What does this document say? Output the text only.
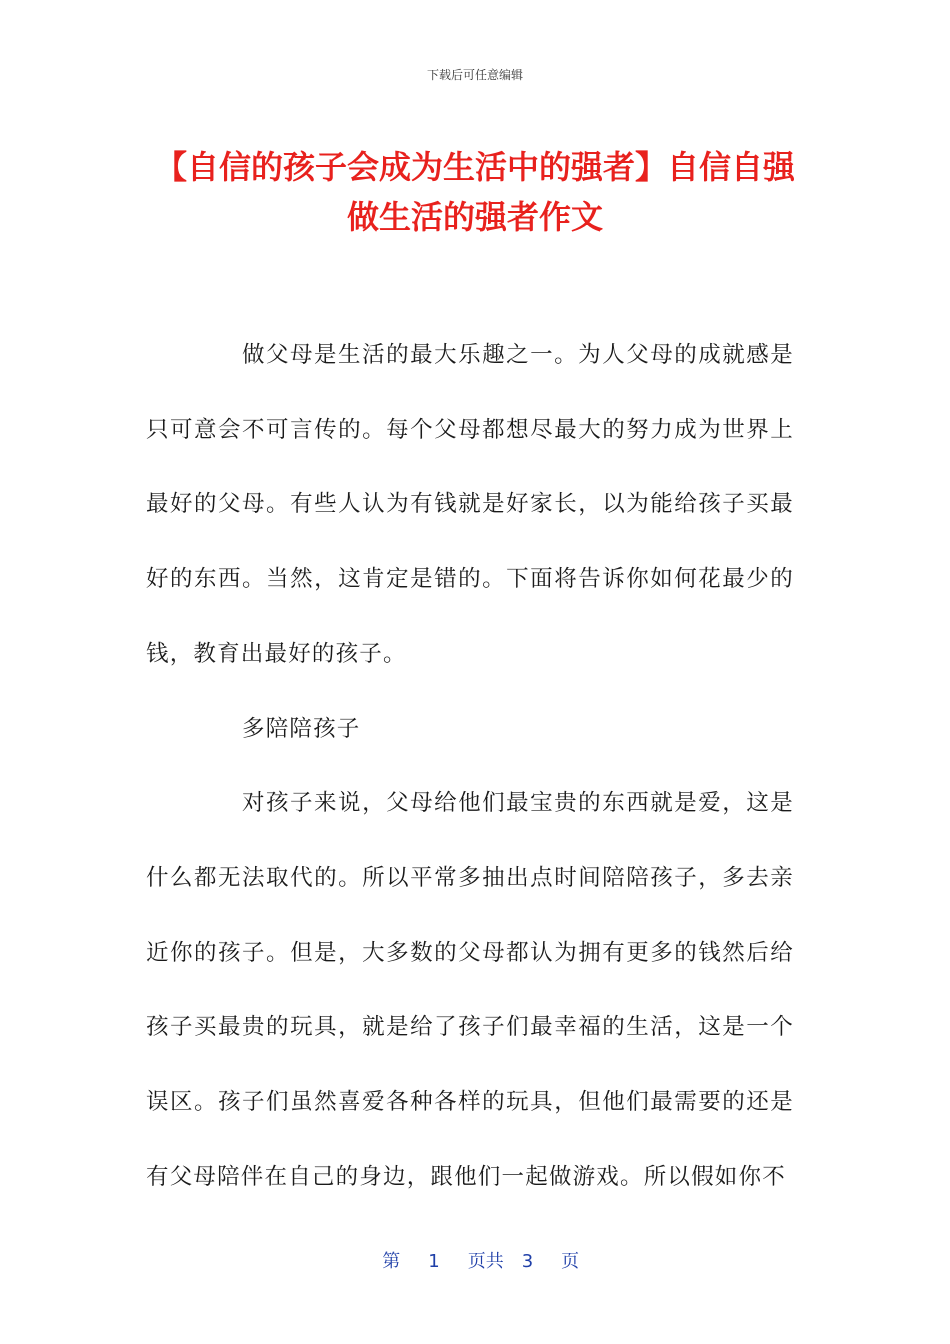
下载后可任意编辑
【自信的孩子会成为生活中的强者】自信自强做生活的强者作文

做父母是生活的最大乐趣之一。为人父母的成就感是只可意会不可言传的。每个父母都想尽最大的努力成为世界上最好的父母。有些人认为有钱就是好家长，以为能给孩子买最好的东西。当然，这肯定是错的。下面将告诉你如何花最少的钱，教育出最好的孩子。

多陪陪孩子

对孩子来说，父母给他们最宝贵的东西就是爱，这是什么都无法取代的。所以平常多抽出点时间陪陪孩子，多去亲近你的孩子。但是，大多数的父母都认为拥有更多的钱然后给孩子买最贵的玩具，就是给了孩子们最幸福的生活，这是一个误区。孩子们虽然喜爱各种各样的玩具，但他们最需要的还是有父母陪伴在自己的身边，跟他们一起做游戏。所以假如你不

第 1 页共 3 页
